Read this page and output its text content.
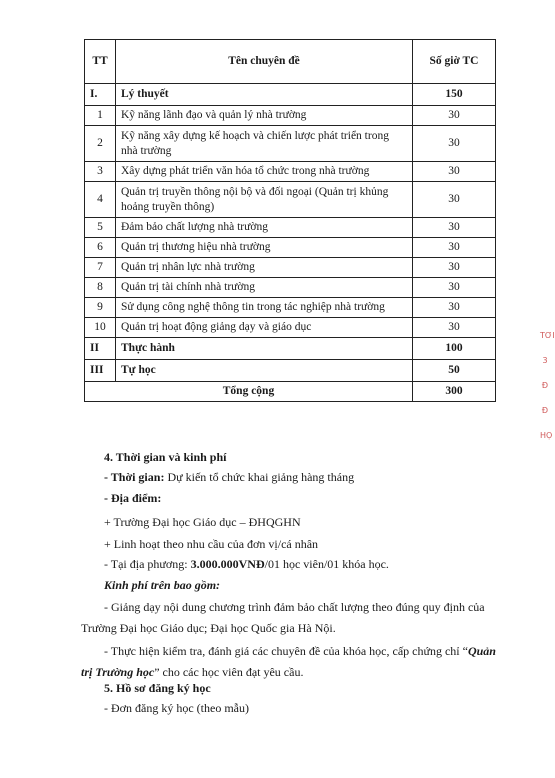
TT	Tên chuyên đề	Số giờ TC
I.	Lý thuyết	150
1	Kỹ năng lãnh đạo và quản lý nhà trường	30
2	Kỹ năng xây dựng kế hoạch và chiến lược phát triển trong nhà trường	30
3	Xây dựng phát triển văn hóa tổ chức trong nhà trường	30
4	Quản trị truyền thông nội bộ và đối ngoại (Quản trị khủng hoảng truyền thông)	30
5	Đảm bảo chất lượng nhà trường	30
6	Quản trị thương hiệu nhà trường	30
7	Quản trị nhân lực nhà trường	30
8	Quản trị tài chính nhà trường	30
9	Sử dụng công nghệ thông tin trong tác nghiệp nhà trường	30
10	Quản trị hoạt động giảng dạy và giáo dục	30
II	Thực hành	100
III	Tự học	50
Tổng cộng		300
TƠI
3
Đ
Đ
HỌ
4. Thời gian và kinh phí
- Thời gian: Dự kiến tổ chức khai giảng hàng tháng
- Địa điểm:
+ Trường Đại học Giáo dục – ĐHQGHN
+ Linh hoạt theo nhu cầu của đơn vị/cá nhân
- Tại địa phương: 3.000.000VNĐ/01 học viên/01 khóa học.
Kinh phí trên bao gồm:
- Giảng dạy nội dung chương trình đảm bảo chất lượng theo đúng quy định của
Trường Đại học Giáo dục; Đại học Quốc gia Hà Nội.
- Thực hiện kiểm tra, đánh giá các chuyên đề của khóa học, cấp chứng chỉ “Quản
trị Trường học” cho các học viên đạt yêu cầu.
5. Hồ sơ đăng ký học
- Đơn đăng ký học (theo mẫu)
